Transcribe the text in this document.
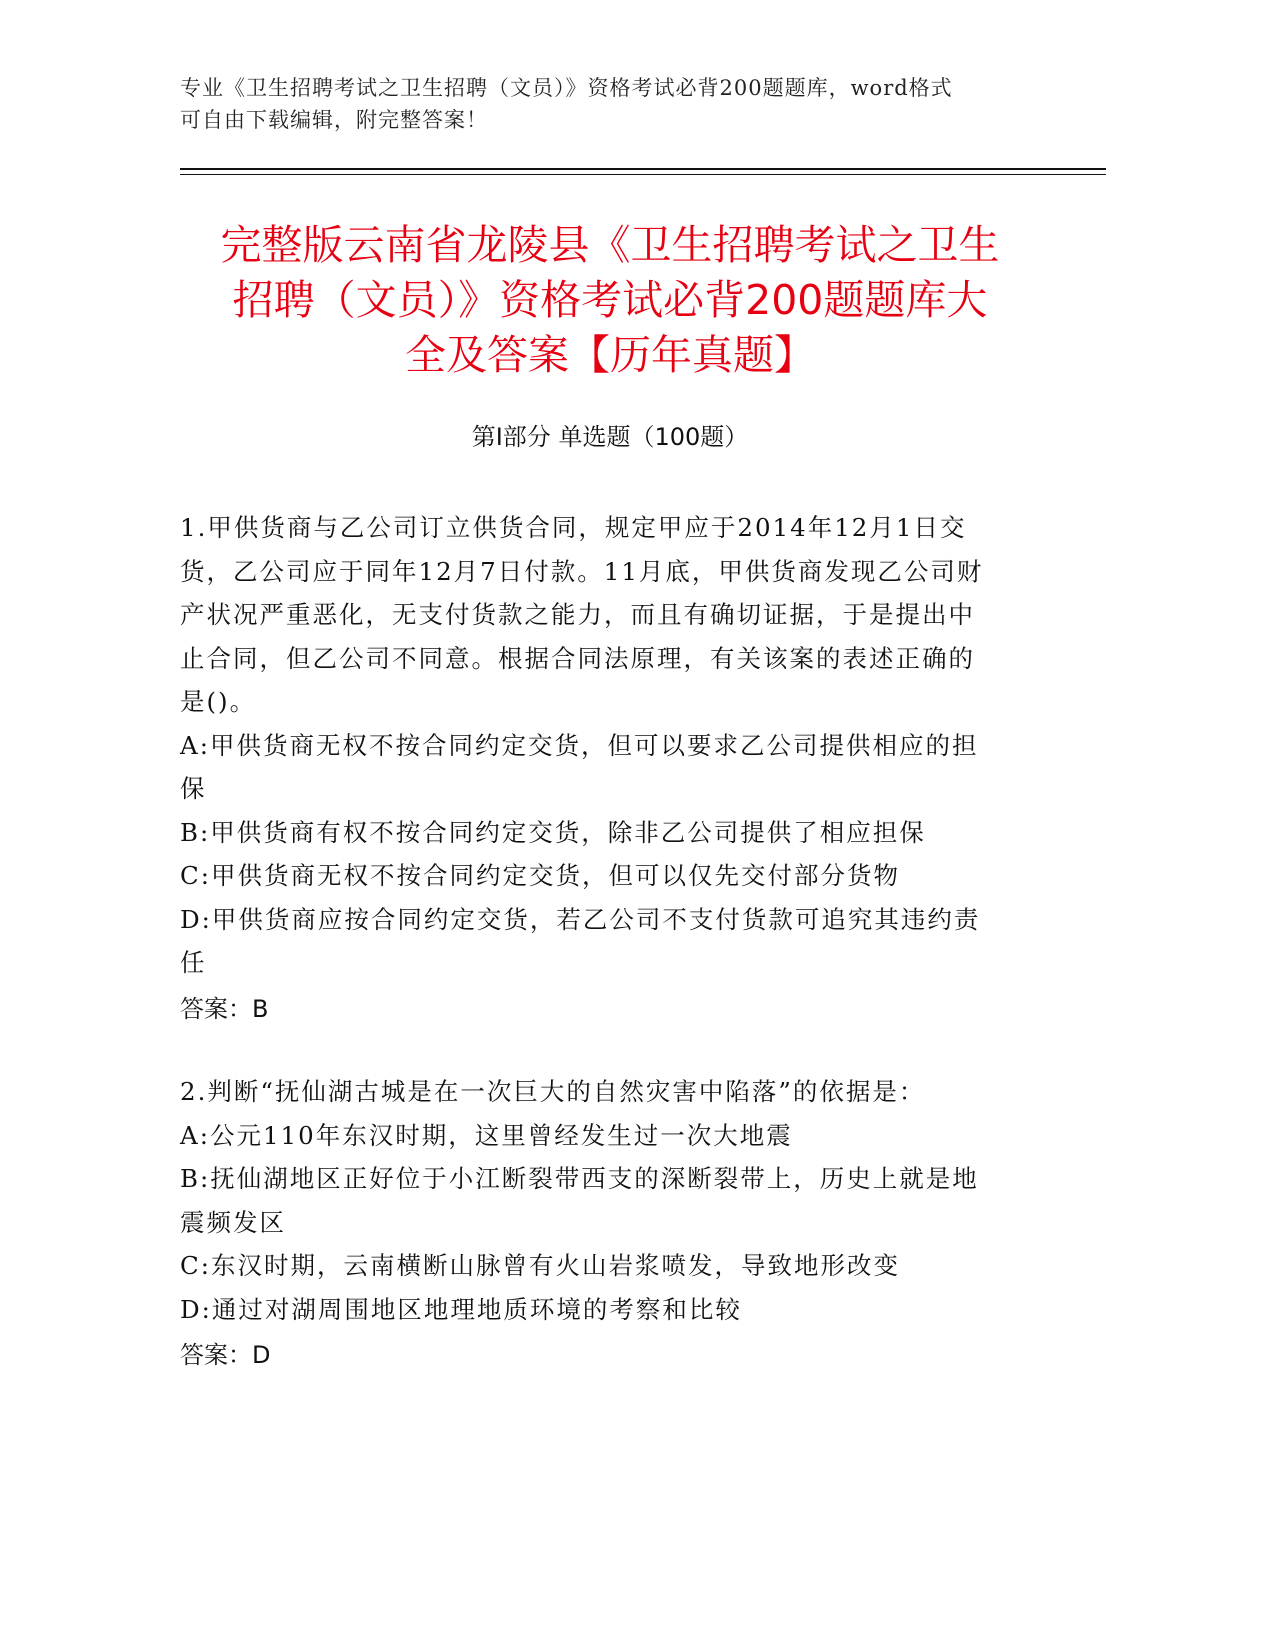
专业《卫生招聘考试之卫生招聘（文员）》资格考试必背200题题库，word格式
可自由下载编辑，附完整答案！
完整版云南省龙陵县《卫生招聘考试之卫生
招聘（文员）》资格考试必背200题题库大
全及答案【历年真题】
第Ⅰ部分 单选题（100题）

1.甲供货商与乙公司订立供货合同，规定甲应于2014年12月1日交

货，乙公司应于同年12月7日付款。11月底，甲供货商发现乙公司财

产状况严重恶化，无支付货款之能力，而且有确切证据，于是提出中

止合同，但乙公司不同意。根据合同法原理，有关该案的表述正确的

是()。

A:甲供货商无权不按合同约定交货，但可以要求乙公司提供相应的担

保

B:甲供货商有权不按合同约定交货，除非乙公司提供了相应担保

C:甲供货商无权不按合同约定交货，但可以仅先交付部分货物

D:甲供货商应按合同约定交货，若乙公司不支付货款可追究其违约责

任

答案：B

2.判断“抚仙湖古城是在一次巨大的自然灾害中陷落”的依据是：

A:公元110年东汉时期，这里曾经发生过一次大地震

B:抚仙湖地区正好位于小江断裂带西支的深断裂带上，历史上就是地

震频发区

C:东汉时期，云南横断山脉曾有火山岩浆喷发，导致地形改变

D:通过对湖周围地区地理地质环境的考察和比较

答案：D
